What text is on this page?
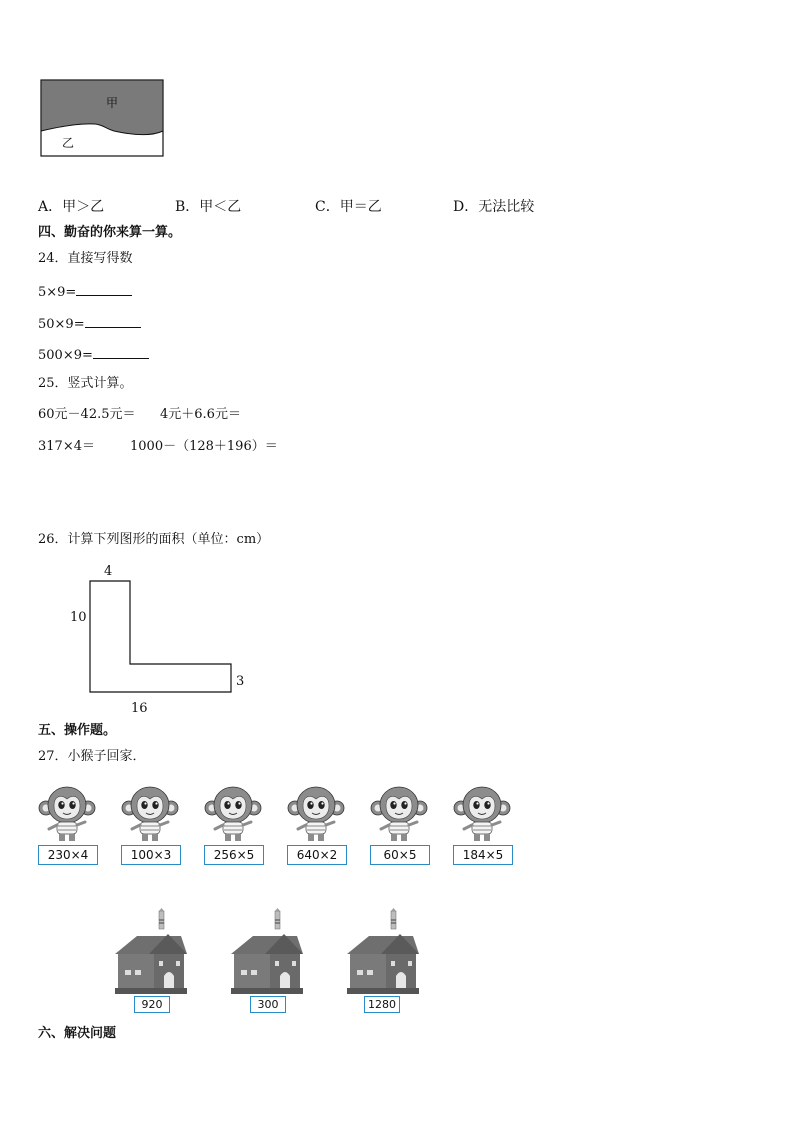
甲
乙
A．甲＞乙	B．甲＜乙	C．甲＝乙	D．无法比较
四、勤奋的你来算一算。
24．直接写得数
5×9=
50×9=
500×9=
25．竖式计算。
60元－42.5元＝ 4元＋6.6元＝
317×4＝	1000－（128＋196）＝
26．计算下列图形的面积（单位：cm）
4
10
3
16
五、操作题。
27．小猴子回家．
230×4	100×3	256×5	640×2	60×5	184×5
920	300	1280
六、解决问题
